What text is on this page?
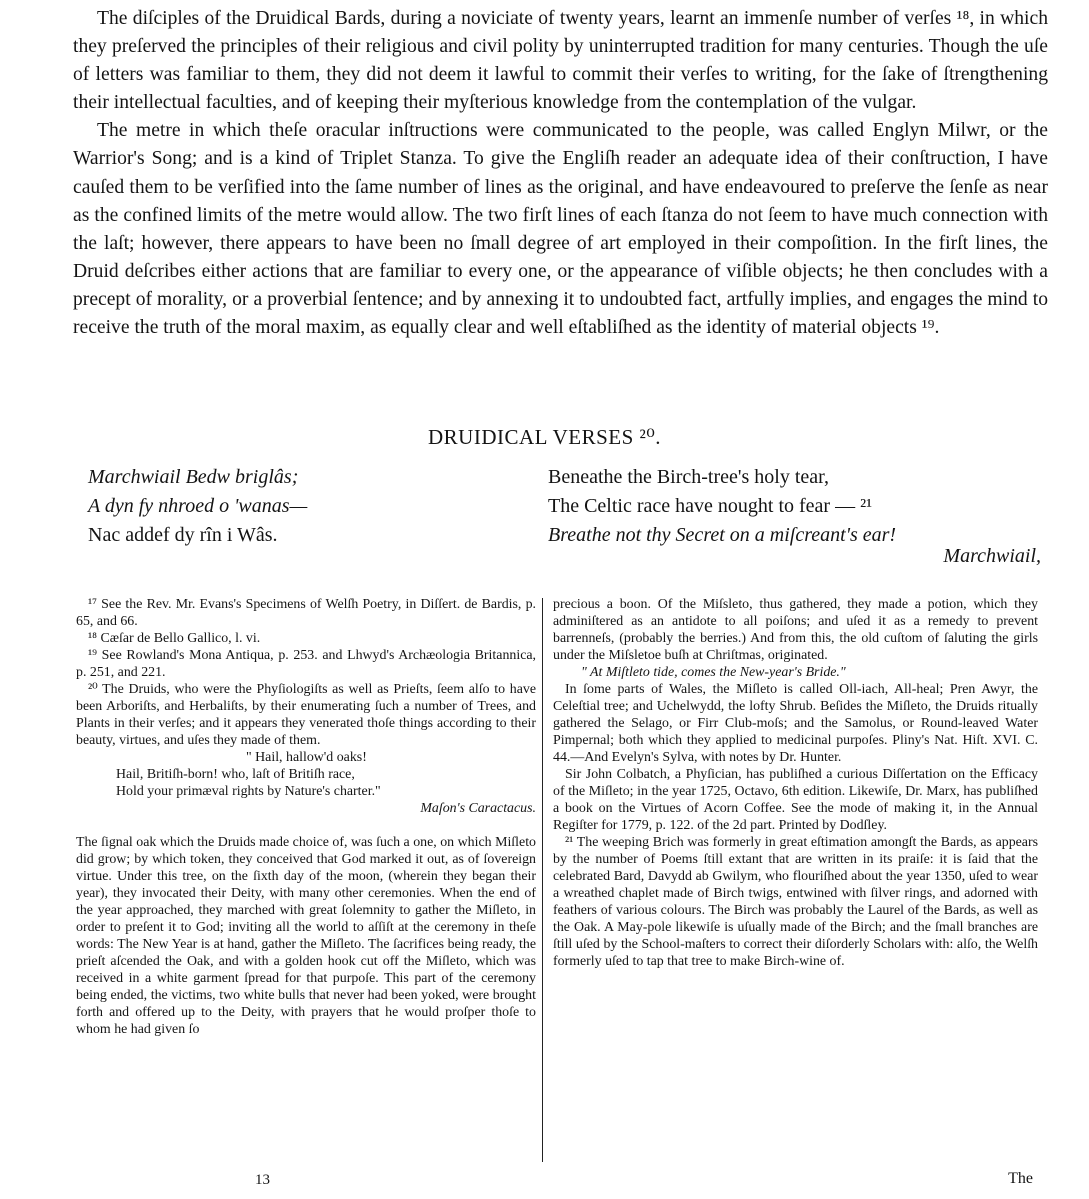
The diſciples of the Druidical Bards, during a noviciate of twenty years, learnt an immenſe number of verſes ¹⁸, in which they preſerved the principles of their religious and civil polity by uninterrupted tradition for many centuries. Though the uſe of letters was familiar to them, they did not deem it lawful to commit their verſes to writing, for the ſake of ſtrengthening their intellectual faculties, and of keeping their myſterious knowledge from the contemplation of the vulgar.

The metre in which theſe oracular inſtructions were communicated to the people, was called Englyn Milwr, or the Warrior's Song; and is a kind of Triplet Stanza. To give the Engliſh reader an adequate idea of their conſtruction, I have cauſed them to be verſified into the ſame number of lines as the original, and have endeavoured to preſerve the ſenſe as near as the confined limits of the metre would allow. The two firſt lines of each ſtanza do not ſeem to have much connection with the laſt; however, there appears to have been no ſmall degree of art employed in their compoſition. In the firſt lines, the Druid deſcribes either actions that are familiar to every one, or the appearance of viſible objects; he then concludes with a precept of morality, or a proverbial ſentence; and by annexing it to undoubted fact, artfully implies, and engages the mind to receive the truth of the moral maxim, as equally clear and well eſtabliſhed as the identity of material objects ¹⁹.

DRUIDICAL VERSES ²⁰.
Marchwiail Bedw briglâs;
A dyn fy nhroed o 'wanas—
Nac addef dy rîn i Wâs.
Beneathe the Birch-tree's holy tear,
The Celtic race have nought to fear — ²¹
Breathe not thy Secret on a miſcreant's ear!
Marchwiail,

¹⁷ See the Rev. Mr. Evans's Specimens of Welſh Poetry, in Diſſert. de Bardis, p. 65, and 66.

¹⁸ Cæſar de Bello Gallico, l. vi.

¹⁹ See Rowland's Mona Antiqua, p. 253. and Lhwyd's Archæologia Britannica, p. 251, and 221.

²⁰ The Druids, who were the Phyſiologiſts as well as Prieſts, ſeem alſo to have been Arboriſts, and Herbaliſts, by their enumerating ſuch a number of Trees, and Plants in their verſes; and it appears they venerated thoſe things according to their beauty, virtues, and uſes they made of them.

" Hail, hallow'd oaks!
Hail, Britiſh-born! who, laſt of Britiſh race,
Hold your primæval rights by Nature's charter."

Maſon's Caractacus.

The ſignal oak which the Druids made choice of, was ſuch a one, on which Miſleto did grow; by which token, they conceived that God marked it out, as of ſovereign virtue. Under this tree, on the ſixth day of the moon, (wherein they began their year), they invocated their Deity, with many other ceremonies. When the end of the year approached, they marched with great ſolemnity to gather the Miſleto, in order to preſent it to God; inviting all the world to aſſiſt at the ceremony in theſe words: The New Year is at hand, gather the Miſleto. The ſacrifices being ready, the prieſt aſcended the Oak, and with a golden hook cut off the Miſleto, which was received in a white garment ſpread for that purpoſe. This part of the ceremony being ended, the victims, two white bulls that never had been yoked, were brought forth and offered up to the Deity, with prayers that he would proſper thoſe to whom he had given ſo

precious a boon. Of the Miſsleto, thus gathered, they made a potion, which they adminiſtered as an antidote to all poiſons; and uſed it as a remedy to prevent barrenneſs, (probably the berries.) And from this, the old cuſtom of ſaluting the girls under the Miſsletoe buſh at Chriſtmas, originated.

" At Miſtleto tide, comes the New-year's Bride."

In ſome parts of Wales, the Miſleto is called Oll-iach, All-heal; Pren Awyr, the Celeſtial tree; and Uchelwydd, the lofty Shrub. Beſides the Miſleto, the Druids ritually gathered the Selago, or Firr Club-moſs; and the Samolus, or Round-leaved Water Pimpernal; both which they applied to medicinal purpoſes. Pliny's Nat. Hiſt. XVI. C. 44.—And Evelyn's Sylva, with notes by Dr. Hunter.

Sir John Colbatch, a Phyſician, has publiſhed a curious Diſſertation on the Efficacy of the Miſleto; in the year 1725, Octavo, 6th edition. Likewiſe, Dr. Marx, has publiſhed a book on the Virtues of Acorn Coffee. See the mode of making it, in the Annual Regiſter for 1779, p. 122. of the 2d part. Printed by Dodſley.

²¹ The weeping Brich was formerly in great eſtimation amongſt the Bards, as appears by the number of Poems ſtill extant that are written in its praiſe: it is ſaid that the celebrated Bard, Davydd ab Gwilym, who flouriſhed about the year 1350, uſed to wear a wreathed chaplet made of Birch twigs, entwined with ſilver rings, and adorned with feathers of various colours. The Birch was probably the Laurel of the Bards, as well as the Oak. A May-pole likewiſe is uſually made of the Birch; and the ſmall branches are ſtill uſed by the School-maſters to correct their diſorderly Scholars with: alſo, the Welſh formerly uſed to tap that tree to make Birch-wine of.

13	The
